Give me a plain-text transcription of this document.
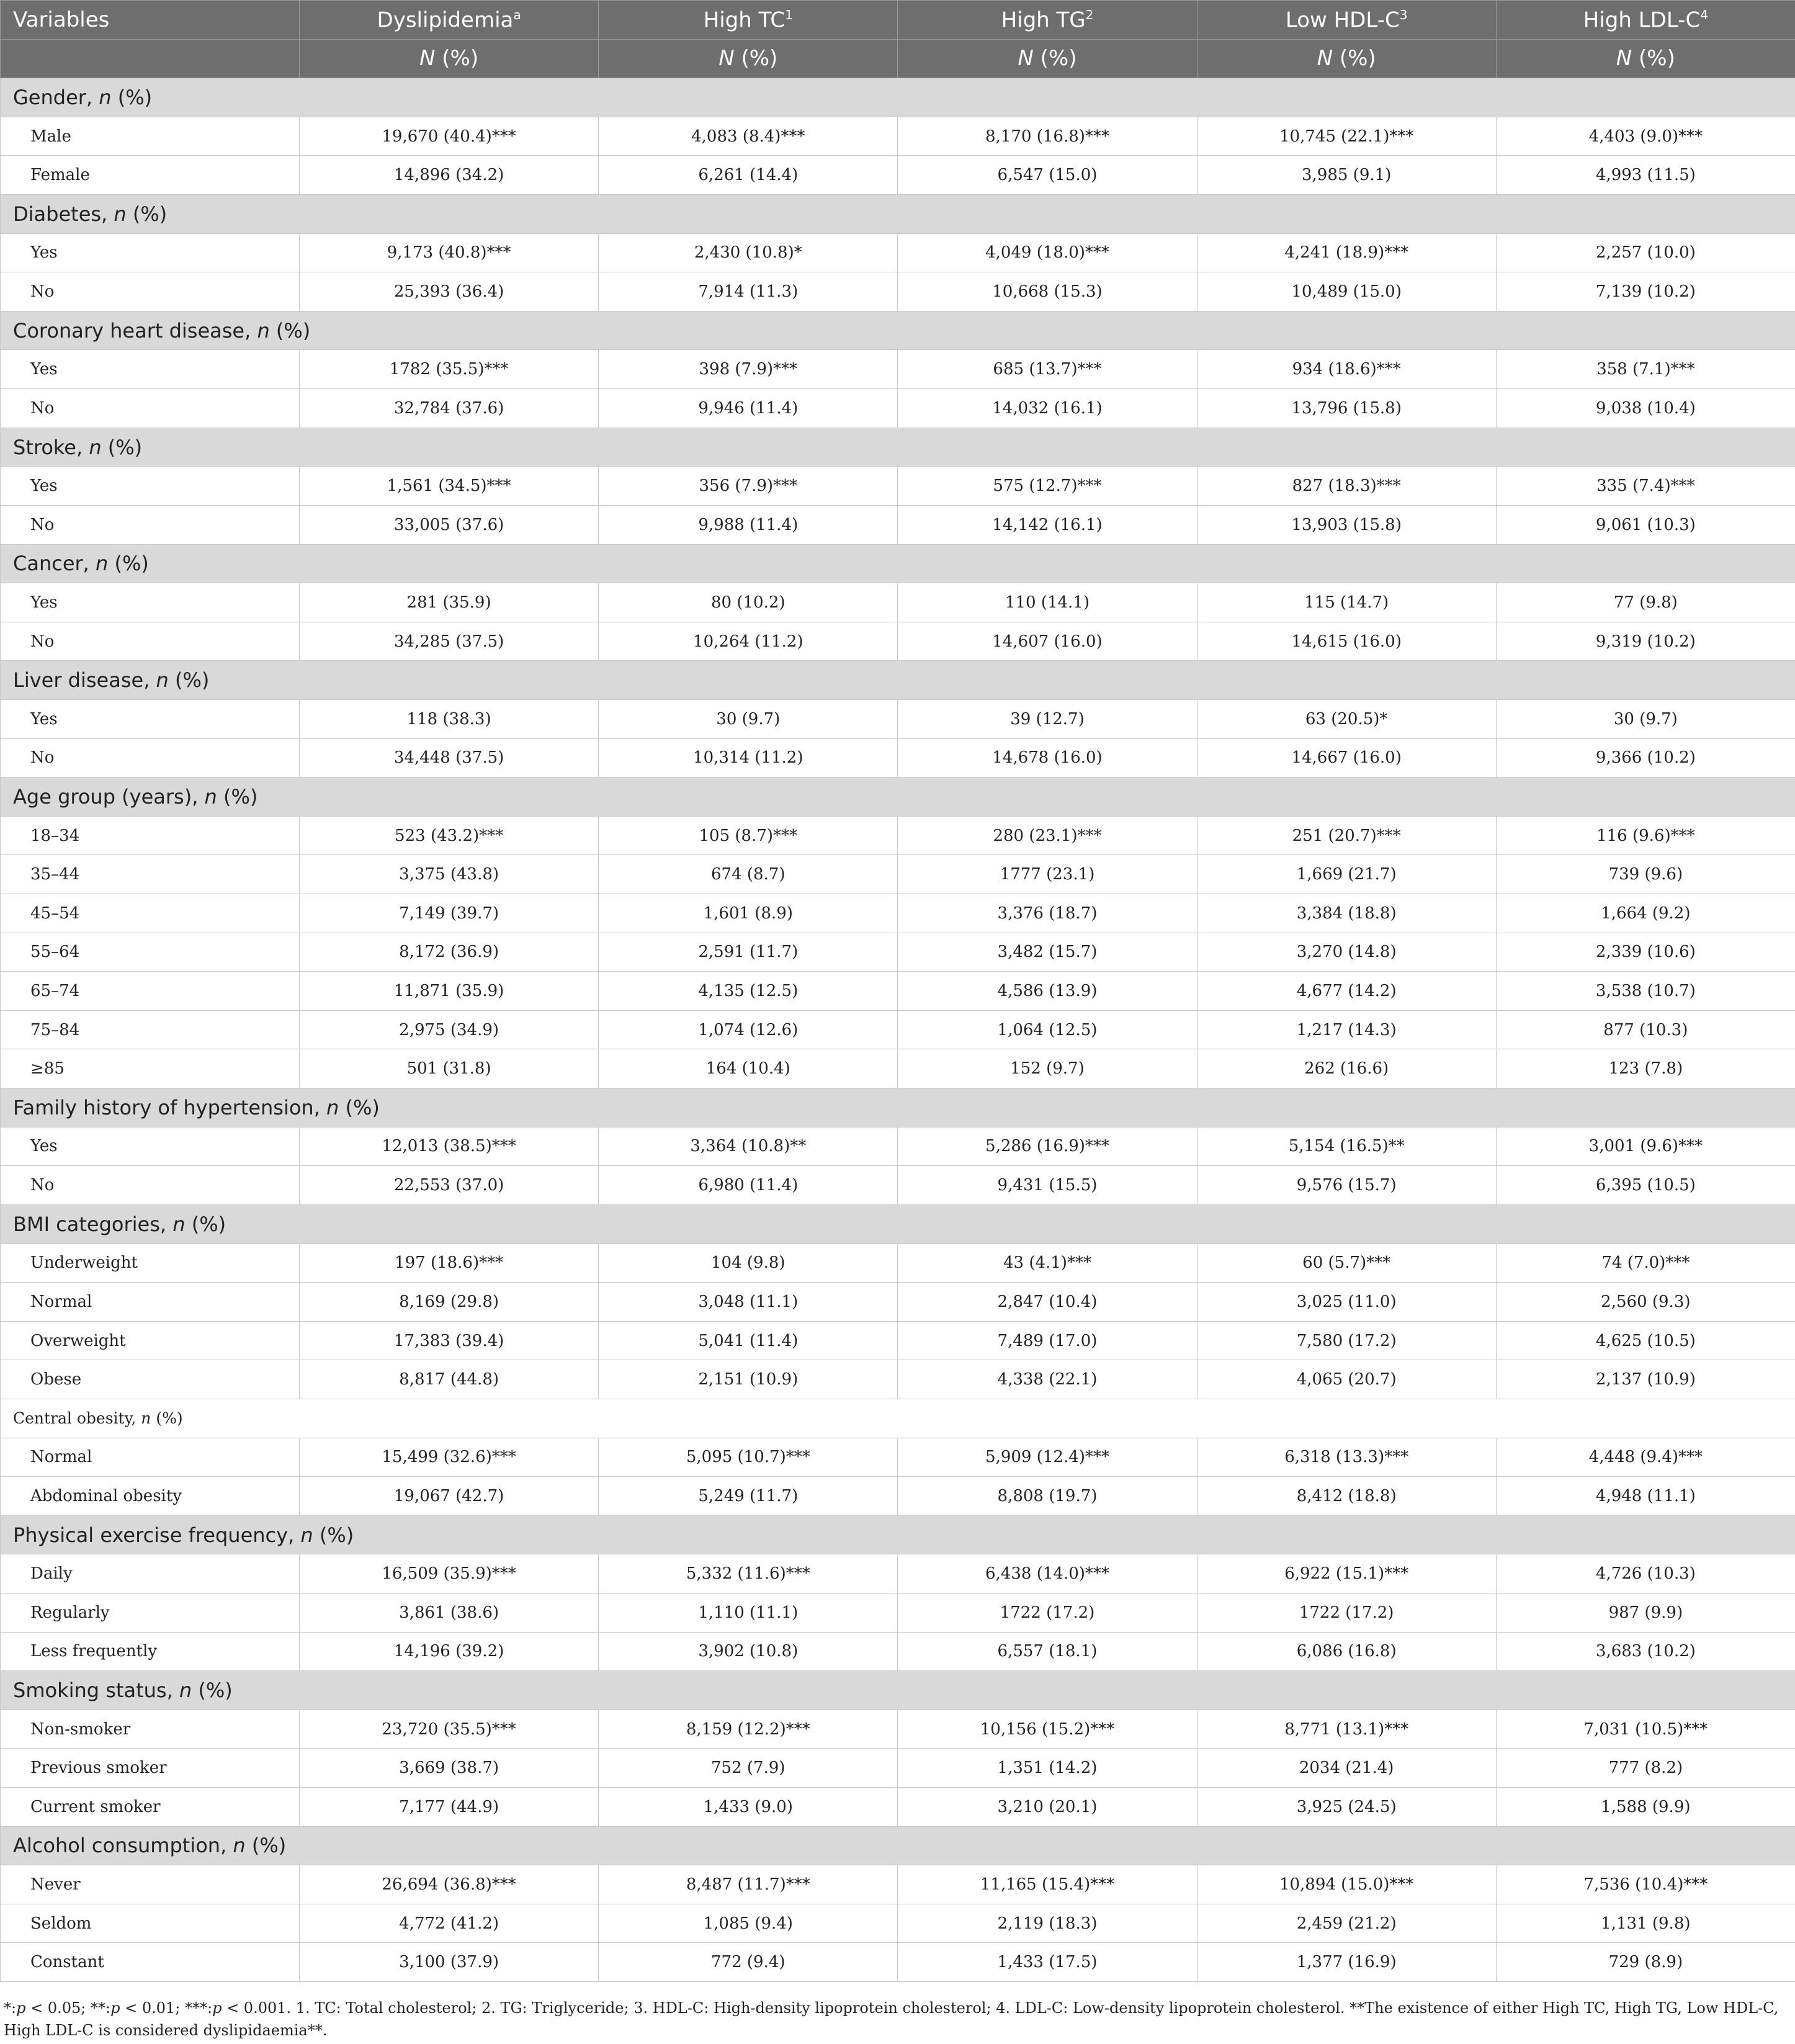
Variables	Dyslipidemia$^a$	High $TC^1$	High $TG^2$	Low HDL-$C^3$	High LDL-$C^4$
	N (%)	N (%)	N (%)	N (%)	N (%)
Gender, n (%)					
Male	19,670 (40.4)***	4,083 (8.4)***	8,170 (16.8)***	10,745 (22.1)***	4,403 (9.0)***
Female	14,896 (34.2)	6,261 (14.4)	6,547 (15.0)	3,985 (9.1)	4,993 (11.5)
Diabetes, n (%)					
Yes	9,173 (40.8)***	2,430 (10.8)*	4,049 (18.0)***	4,241 (18.9)***	2,257 (10.0)
No	25,393 (36.4)	7,914 (11.3)	10,668 (15.3)	10,489 (15.0)	7,139 (10.2)
Coronary heart disease, n (%)					
Yes	1782 (35.5)***	398 (7.9)***	685 (13.7)***	934 (18.6)***	358 (7.1)***
No	32,784 (37.6)	9,946 (11.4)	14,032 (16.1)	13,796 (15.8)	9,038 (10.4)
Stroke, n (%)					
Yes	1,561 (34.5)***	356 (7.9)***	575 (12.7)***	827 (18.3)***	335 (7.4)***
No	33,005 (37.6)	9,988 (11.4)	14,142 (16.1)	13,903 (15.8)	9,061 (10.3)
Cancer, n (%)					
Yes	281 (35.9)	80 (10.2)	110 (14.1)	115 (14.7)	77 (9.8)
No	34,285 (37.5)	10,264 (11.2)	14,607 (16.0)	14,615 (16.0)	9,319 (10.2)
Liver disease, n (%)					
Yes	118 (38.3)	30 (9.7)	39 (12.7)	63 (20.5)*	30 (9.7)
No	34,448 (37.5)	10,314 (11.2)	14,678 (16.0)	14,667 (16.0)	9,366 (10.2)
Age group (years), n (%)					
18–34	523 (43.2)***	105 (8.7)***	280 (23.1)***	251 (20.7)***	116 (9.6)***
35–44	3,375 (43.8)	674 (8.7)	1777 (23.1)	1,669 (21.7)	739 (9.6)
45–54	7,149 (39.7)	1,601 (8.9)	3,376 (18.7)	3,384 (18.8)	1,664 (9.2)
55–64	8,172 (36.9)	2,591 (11.7)	3,482 (15.7)	3,270 (14.8)	2,339 (10.6)
65–74	11,871 (35.9)	4,135 (12.5)	4,586 (13.9)	4,677 (14.2)	3,538 (10.7)
75–84	2,975 (34.9)	1,074 (12.6)	1,064 (12.5)	1,217 (14.3)	877 (10.3)
≥85	501 (31.8)	164 (10.4)	152 (9.7)	262 (16.6)	123 (7.8)
Family history of hypertension, n (%)					
Yes	12,013 (38.5)***	3,364 (10.8)**	5,286 (16.9)***	5,154 (16.5)**	3,001 (9.6)***
No	22,553 (37.0)	6,980 (11.4)	9,431 (15.5)	9,576 (15.7)	6,395 (10.5)
BMI categories, n (%)					
Underweight	197 (18.6)***	104 (9.8)	43 (4.1)***	60 (5.7)***	74 (7.0)***
Normal	8,169 (29.8)	3,048 (11.1)	2,847 (10.4)	3,025 (11.0)	2,560 (9.3)
Overweight	17,383 (39.4)	5,041 (11.4)	7,489 (17.0)	7,580 (17.2)	4,625 (10.5)
Obese	8,817 (44.8)	2,151 (10.9)	4,338 (22.1)	4,065 (20.7)	2,137 (10.9)
Central obesity, n (%)					
Normal	15,499 (32.6)***	5,095 (10.7)***	5,909 (12.4)***	6,318 (13.3)***	4,448 (9.4)***
Abdominal obesity	19,067 (42.7)	5,249 (11.7)	8,808 (19.7)	8,412 (18.8)	4,948 (11.1)
Physical exercise frequency, n (%)					
Daily	16,509 (35.9)***	5,332 (11.6)***	6,438 (14.0)***	6,922 (15.1)***	4,726 (10.3)
Regularly	3,861 (38.6)	1,110 (11.1)	1722 (17.2)	1722 (17.2)	987 (9.9)
Less frequently	14,196 (39.2)	3,902 (10.8)	6,557 (18.1)	6,086 (16.8)	3,683 (10.2)
Smoking status, n (%)					
Non-smoker	23,720 (35.5)***	8,159 (12.2)***	10,156 (15.2)***	8,771 (13.1)***	7,031 (10.5)***
Previous smoker	3,669 (38.7)	752 (7.9)	1,351 (14.2)	2034 (21.4)	777 (8.2)
Current smoker	7,177 (44.9)	1,433 (9.0)	3,210 (20.1)	3,925 (24.5)	1,588 (9.9)
Alcohol consumption, n (%)					
Never	26,694 (36.8)***	8,487 (11.7)***	11,165 (15.4)***	10,894 (15.0)***	7,536 (10.4)***
Seldom	4,772 (41.2)	1,085 (9.4)	2,119 (18.3)	2,459 (21.2)	1,131 (9.8)
Constant	3,100 (37.9)	772 (9.4)	1,433 (17.5)	1,377 (16.9)	729 (8.9)
*:p < 0.05; **:p < 0.01; ***:p < 0.001. 1. TC: Total cholesterol; 2. TG: Triglyceride; 3. HDL-C: High-density lipoprotein cholesterol; 4. LDL-C: Low-density lipoprotein cholesterol. **The existence of either High TC, High TG, Low HDL-C, High LDL-C is considered dyslipidaemia**.
